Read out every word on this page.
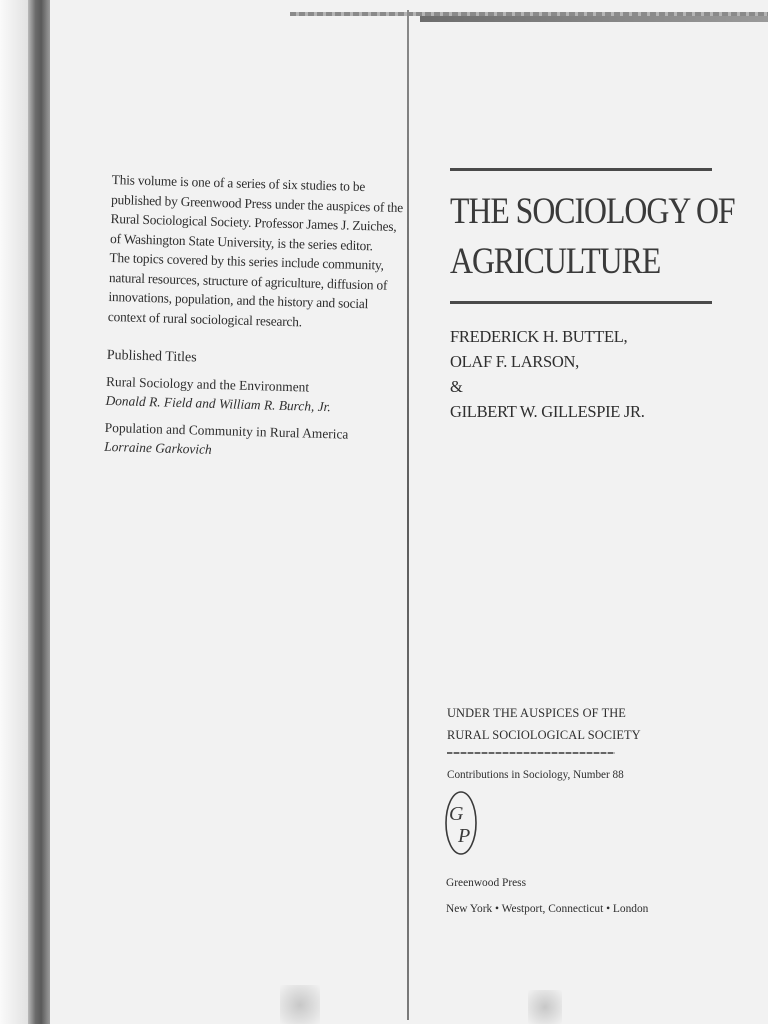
This volume is one of a series of six studies to be
published by Greenwood Press under the auspices of the
Rural Sociological Society. Professor James J. Zuiches,
of Washington State University, is the series editor.
The topics covered by this series include community,
natural resources, structure of agriculture, diffusion of
innovations, population, and the history and social
context of rural sociological research.

Published Titles
Rural Sociology and the Environment
Donald R. Field and William R. Burch, Jr.
Population and Community in Rural America
Lorraine Garkovich
THE SOCIOLOGY OF
AGRICULTURE
FREDERICK H. BUTTEL,
OLAF F. LARSON,
&
GILBERT W. GILLESPIE JR.
UNDER THE AUSPICES OF THE
RURAL SOCIOLOGICAL SOCIETY
Contributions in Sociology, Number 88
G
P
Greenwood Press
New York • Westport, Connecticut • London
